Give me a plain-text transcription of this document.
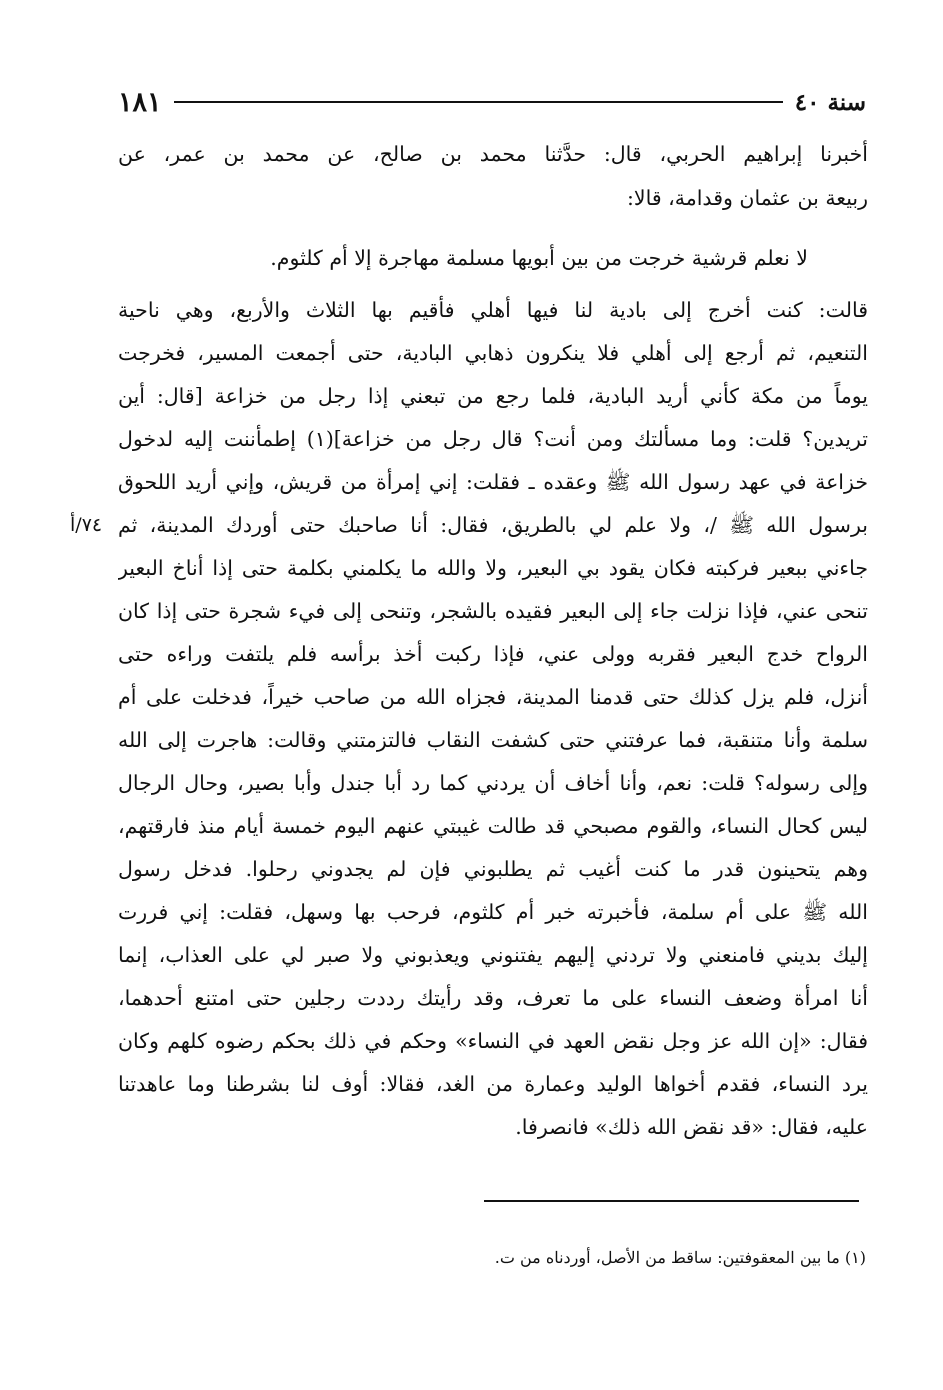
سنة ٤٠
١٨١
أخبرنا إبراهيم الحربي، قال: حدَّثنا محمد بن صالح، عن محمد بن عمر، عن
ربيعة بن عثمان وقدامة، قالا:
لا نعلم قرشية خرجت من بين أبويها مسلمة مهاجرة إلا أم كلثوم.
قالت: كنت أخرج إلى بادية لنا فيها أهلي فأقيم بها الثلاث والأربع، وهي ناحية
التنعيم، ثم أرجع إلى أهلي فلا ينكرون ذهابي البادية، حتى أجمعت المسير، فخرجت
يوماً من مكة كأني أريد البادية، فلما رجع من تبعني إذا رجل من خزاعة [قال: أين
تريدين؟ قلت: وما مسألتك ومن أنت؟ قال رجل من خزاعة](١) إطمأننت إليه لدخول
خزاعة في عهد رسول الله ﷺ وعقده ـ فقلت: إني إمرأة من قريش، وإني أريد اللحوق
برسول الله ﷺ /، ولا علم لي بالطريق، فقال: أنا صاحبك حتى أوردك المدينة، ثم
جاءني ببعير فركبته فكان يقود بي البعير، ولا والله ما يكلمني بكلمة حتى إذا أناخ البعير
تنحى عني، فإذا نزلت جاء إلى البعير فقيده بالشجر، وتنحى إلى فيء شجرة حتى إذا كان
الرواح خدج البعير فقربه وولى عني، فإذا ركبت أخذ برأسه فلم يلتفت وراءه حتى
أنزل، فلم يزل كذلك حتى قدمنا المدينة، فجزاه الله من صاحب خيراً، فدخلت على أم
سلمة وأنا متنقبة، فما عرفتني حتى كشفت النقاب فالتزمتني وقالت: هاجرت إلى الله
وإلى رسوله؟ قلت: نعم، وأنا أخاف أن يردني كما رد أبا جندل وأبا بصير، وحال الرجال
ليس كحال النساء، والقوم مصبحي قد طالت غيبتي عنهم اليوم خمسة أيام منذ فارقتهم،
وهم يتحينون قدر ما كنت أغيب ثم يطلبوني فإن لم يجدوني رحلوا. فدخل رسول
الله ﷺ على أم سلمة، فأخبرته خبر أم كلثوم، فرحب بها وسهل، فقلت: إني فررت
إليك بديني فامنعني ولا تردني إليهم يفتنوني ويعذبوني ولا صبر لي على العذاب، إنما
أنا امرأة وضعف النساء على ما تعرف، وقد رأيتك رددت رجلين حتى امتنع أحدهما،
فقال: «إن الله عز وجل نقض العهد في النساء» وحكم في ذلك بحكم رضوه كلهم وكان
يرد النساء، فقدم أخواها الوليد وعمارة من الغد، فقالا: أوف لنا بشرطنا وما عاهدتنا
عليه، فقال: «قد نقض الله ذلك» فانصرفا.
٧٤/أ
(١) ما بين المعقوفتين: ساقط من الأصل، أوردناه من ت.
